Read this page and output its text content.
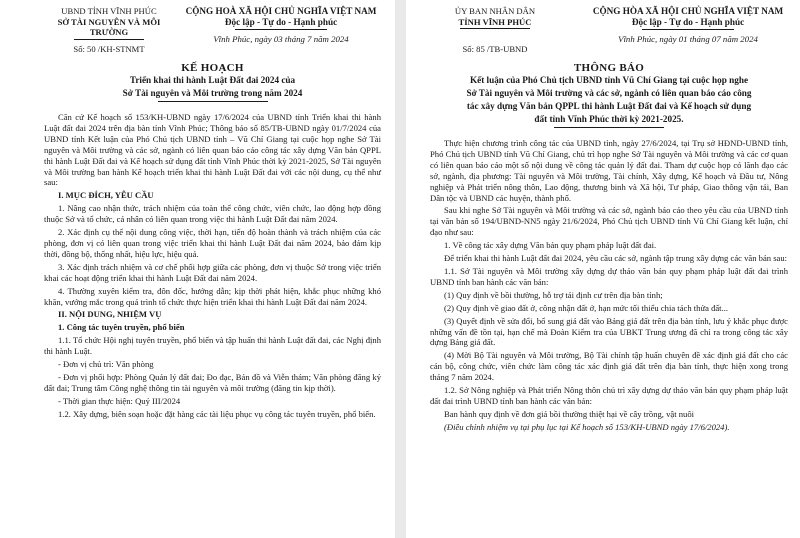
UBND TỈNH VĨNH PHÚC
SỞ TÀI NGUYÊN VÀ MÔI TRƯỜNG
CỘNG HOÀ XÃ HỘI CHỦ NGHĨA VIỆT NAM
Độc lập - Tự do - Hạnh phúc
Số: 50 /KH-STNMT
Vĩnh Phúc, ngày 03 tháng 7 năm 2024
KẾ HOẠCH
Triển khai thi hành Luật Đất đai 2024 của
Sở Tài nguyên và Môi trường trong năm 2024
Căn cứ Kế hoạch số 153/KH-UBND ngày 17/6/2024 của UBND tỉnh Triển khai thi hành Luật đất đai 2024 trên địa bàn tỉnh Vĩnh Phúc; Thông báo số 85/TB-UBND ngày 01/7/2024 của UBND tỉnh Kết luận của Phó Chủ tịch UBND tỉnh – Vũ Chí Giang tại cuộc họp nghe Sở Tài nguyên và Môi trường và các sở, ngành có liên quan báo cáo công tác xây dựng Văn bản QPPL thi hành Luật Đất đai và Kế hoạch sử dụng đất tỉnh Vĩnh Phúc thời kỳ 2021-2025, Sở Tài nguyên và Môi trường ban hành Kế hoạch triển khai thi hành Luật Đất đai với các nội dung, cụ thể như sau:
I. MỤC ĐÍCH, YÊU CẦU
1. Nâng cao nhận thức, trách nhiệm của toàn thể công chức, viên chức, lao động hợp đồng thuộc Sở và tổ chức, cá nhân có liên quan trong việc thi hành Luật Đất đai năm 2024.
2. Xác định cụ thể nội dung công việc, thời hạn, tiến độ hoàn thành và trách nhiệm của các phòng, đơn vị có liên quan trong việc triển khai thi hành Luật Đất đai năm 2024, bảo đảm kịp thời, đồng bộ, thống nhất, hiệu lực, hiệu quả.
3. Xác định trách nhiệm và cơ chế phối hợp giữa các phòng, đơn vị thuộc Sở trong việc triển khai các hoạt động triển khai thi hành Luật Đất đai năm 2024.
4. Thường xuyên kiểm tra, đôn đốc, hướng dẫn; kịp thời phát hiện, khắc phục những khó khăn, vướng mắc trong quá trình tổ chức thực hiện triển khai thi hành Luật Đất đai năm 2024.
II. NỘI DUNG, NHIỆM VỤ
1. Công tác tuyên truyền, phổ biến
1.1. Tổ chức Hội nghị tuyên truyền, phổ biến và tập huấn thi hành Luật đất đai, các Nghị định thi hành Luật.
- Đơn vị chủ trì: Văn phòng
- Đơn vị phối hợp: Phòng Quản lý đất đai; Đo đạc, Bản đồ và Viễn thám; Văn phòng đăng ký đất đai; Trung tâm Công nghệ thông tin tài nguyên và môi trường (đăng tin kịp thời).
- Thời gian thực hiện: Quý III/2024
1.2. Xây dựng, biên soạn hoặc đặt hàng các tài liệu phục vụ công tác tuyên truyền, phổ biến.
ỦY BAN NHÂN DÂN
TỈNH VĨNH PHÚC
CỘNG HÒA XÃ HỘI CHỦ NGHĨA VIỆT NAM
Độc lập - Tự do - Hạnh phúc
Số: 85 /TB-UBND
Vĩnh Phúc, ngày 01 tháng 07 năm 2024
THÔNG BÁO
Kết luận của Phó Chủ tịch UBND tỉnh Vũ Chí Giang tại cuộc họp nghe
Sở Tài nguyên và Môi trường và các sở, ngành có liên quan báo cáo công
tác xây dựng Văn bản QPPL thi hành Luật Đất đai và Kế hoạch sử dụng
đất tỉnh Vĩnh Phúc thời kỳ 2021-2025.
Thực hiện chương trình công tác của UBND tỉnh, ngày 27/6/2024, tại Trụ sở HĐND-UBND tỉnh, Phó Chủ tịch UBND tỉnh Vũ Chí Giang, chủ trì họp nghe Sở Tài nguyên và Môi trường và các cơ quan có liên quan báo cáo một số nội dung về công tác quản lý đất đai. Tham dự cuộc họp có lãnh đạo các sở, ngành, địa phương: Tài nguyên và Môi trường, Tài chính, Xây dựng, Kế hoạch và Đầu tư, Nông nghiệp và Phát triển nông thôn, Lao động, thương binh và Xã hội, Tư pháp, Giao thông vận tải, Ban Dân tộc và UBND các huyện, thành phố.
Sau khi nghe Sở Tài nguyên và Môi trường và các sở, ngành báo cáo theo yêu cầu của UBND tỉnh tại văn bản số 194/UBND-NN5 ngày 21/6/2024, Phó Chủ tịch UBND tỉnh Vũ Chí Giang kết luận, chỉ đạo như sau:
1. Về công tác xây dựng Văn bản quy phạm pháp luật đất đai.
Để triển khai thi hành Luật đất đai 2024, yêu cầu các sở, ngành tập trung xây dựng các văn bản sau:
1.1. Sở Tài nguyên và Môi trường xây dựng dự thảo văn bản quy phạm pháp luật đất đai trình UBND tỉnh ban hành các văn bản:
(1) Quy định về bồi thường, hỗ trợ tái định cư trên địa bàn tỉnh;
(2) Quy định về giao đất ở, công nhận đất ở, hạn mức tối thiểu chia tách thửa đất...
(3) Quyết định về sửa đổi, bổ sung giá đất vào Bảng giá đất trên địa bàn tỉnh, lưu ý khắc phục được những vấn đề tồn tại, hạn chế mà Đoàn Kiểm tra của UBKT Trung ương đã chỉ ra trong công tác xây dựng Bảng giá đất.
(4) Mời Bộ Tài nguyên và Môi trường, Bộ Tài chính tập huấn chuyên đề xác định giá đất cho các cán bộ, công chức, viên chức làm công tác xác định giá đất trên địa bàn tỉnh, thực hiện xong trong tháng 7 năm 2024.
1.2. Sở Nông nghiệp và Phát triển Nông thôn chủ trì xây dựng dự thảo văn bản quy phạm pháp luật đất đai trình UBND tỉnh ban hành các văn bản:
Ban hành quy định về đơn giá bồi thường thiệt hại về cây trồng, vật nuôi
(Điều chỉnh nhiệm vụ tại phụ lục tại Kế hoạch số 153/KH-UBND ngày 17/6/2024).
